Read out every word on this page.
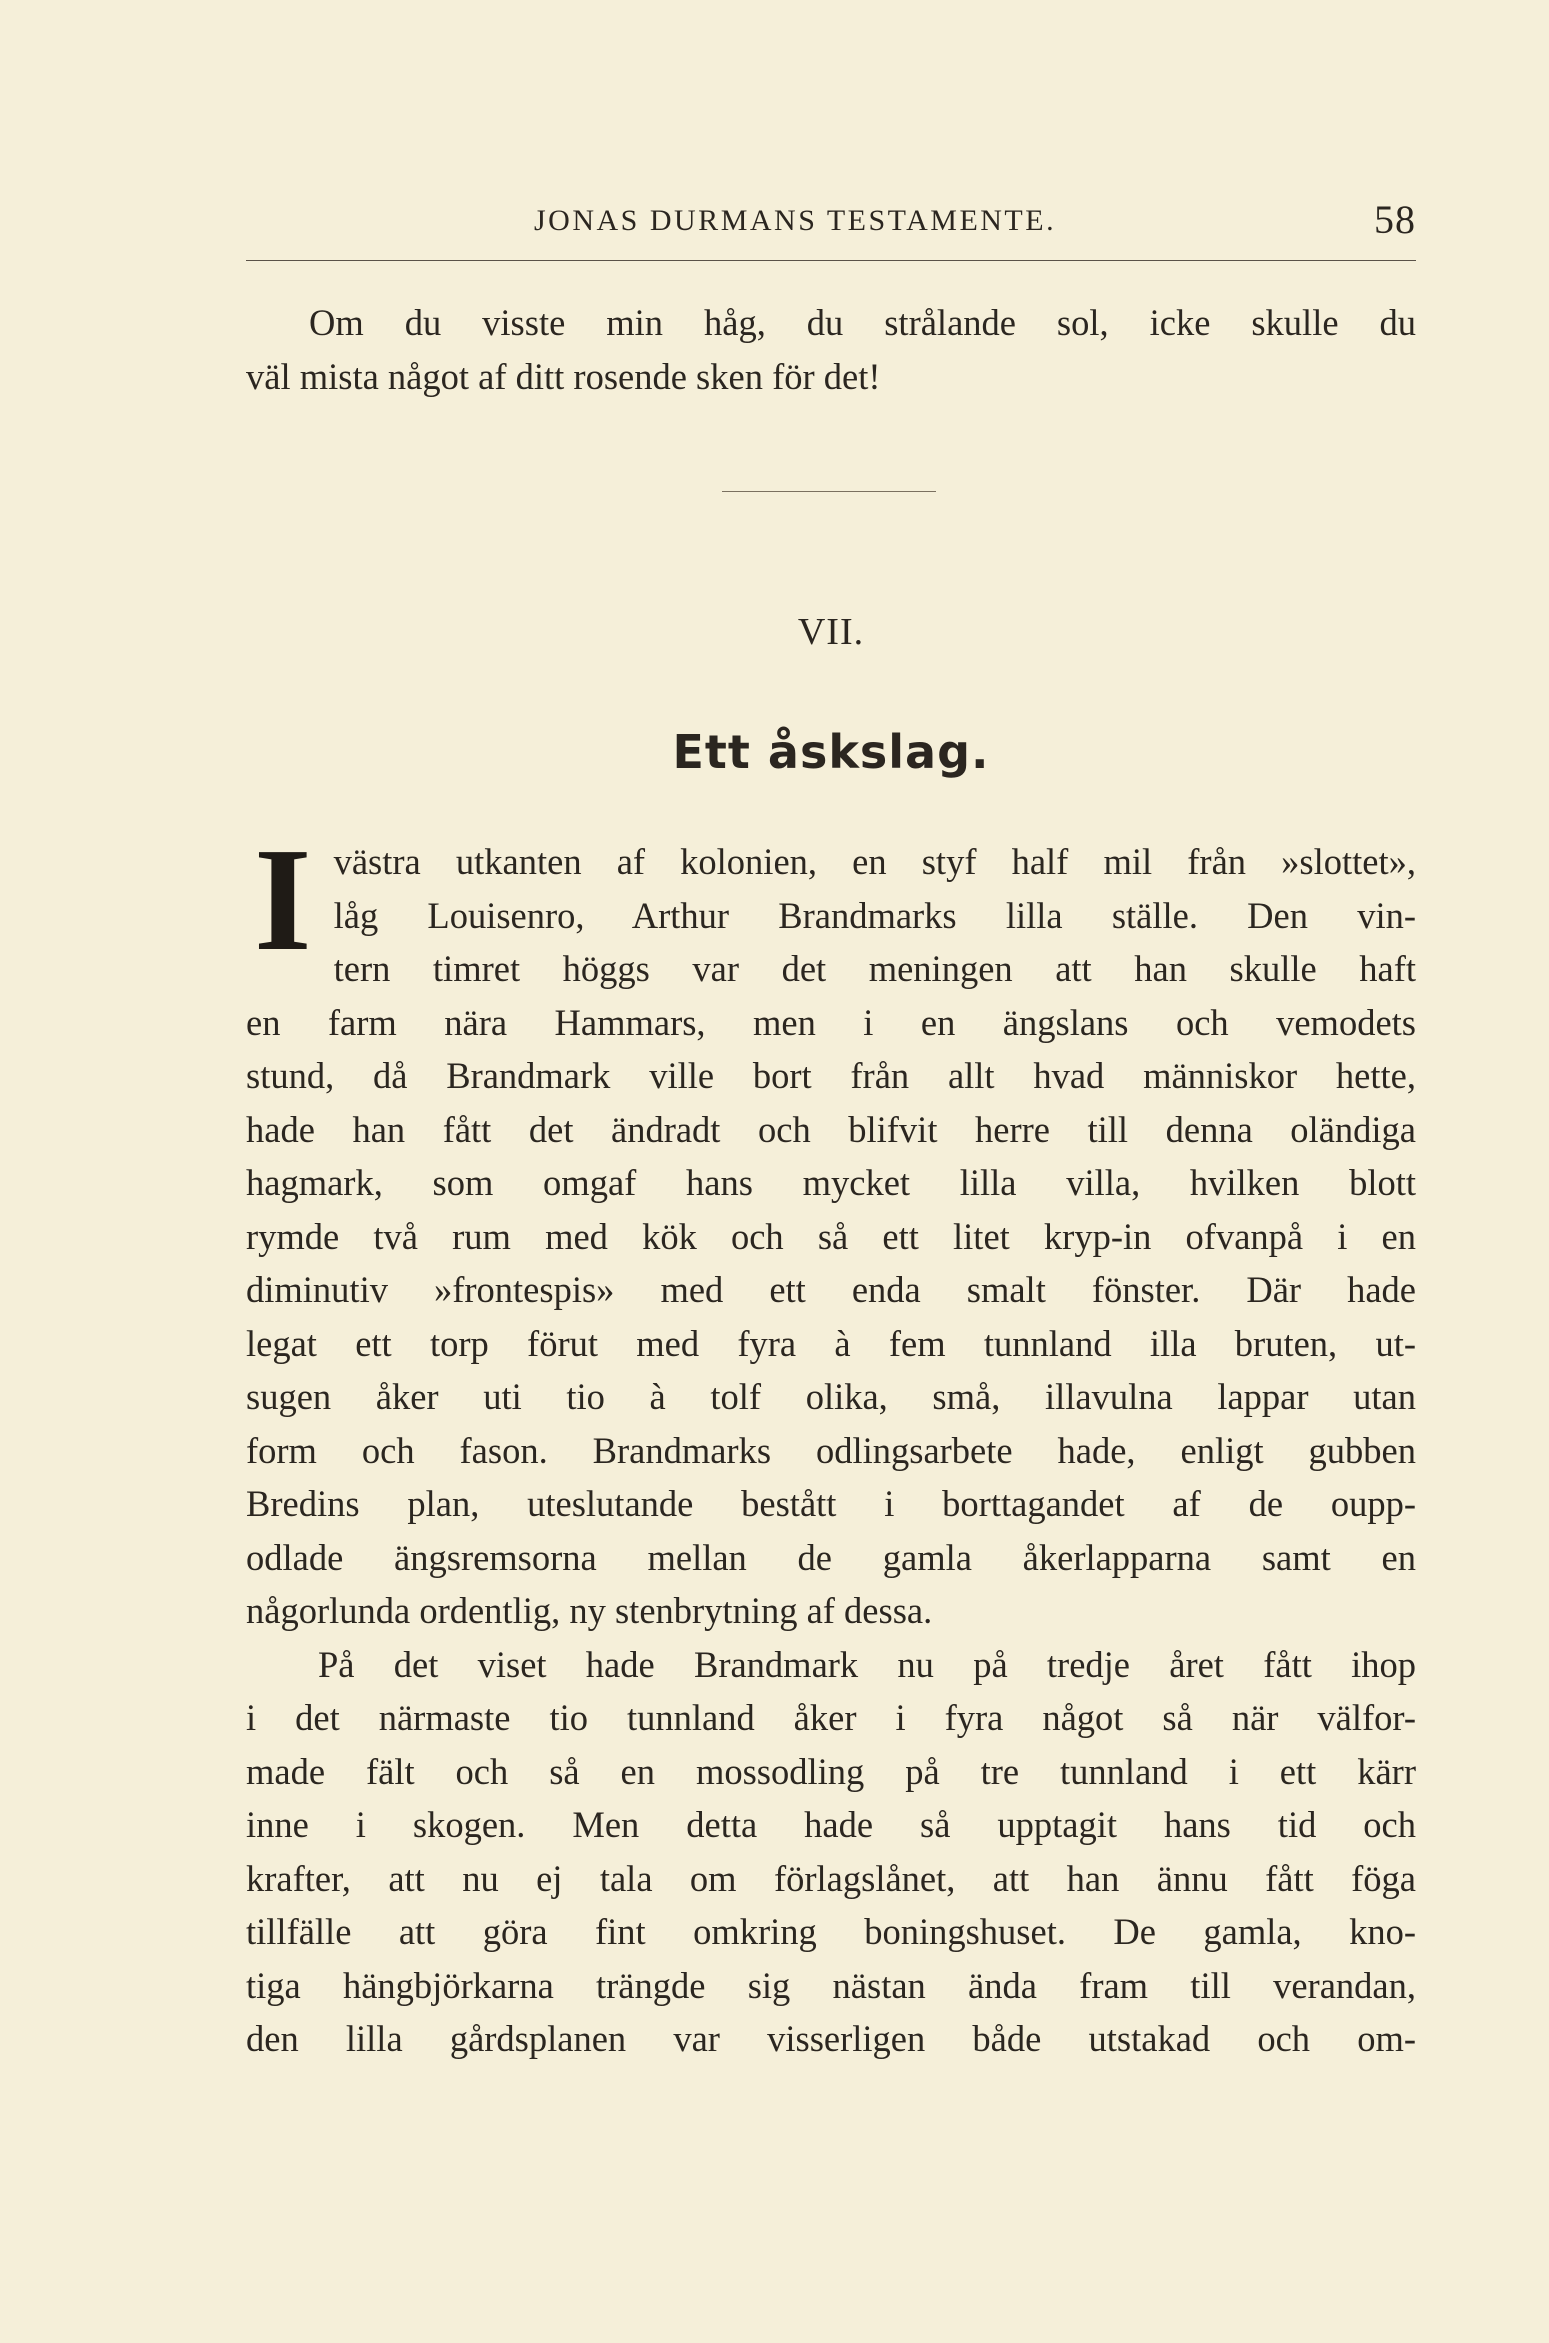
JONAS DURMANS TESTAMENTE.	58
Om du visste min håg, du strålande sol, icke skulle du
väl mista något af ditt rosende sken för det!
VII.
Ett åskslag.

I västra utkanten af kolonien, en styf half mil från »slottet»,
låg Louisenro, Arthur Brandmarks lilla ställe. Den vin-
tern timret höggs var det meningen att han skulle haft
en farm nära Hammars, men i en ängslans och vemodets
stund, då Brandmark ville bort från allt hvad människor hette,
hade han fått det ändradt och blifvit herre till denna oländiga
hagmark, som omgaf hans mycket lilla villa, hvilken blott
rymde två rum med kök och så ett litet kryp-in ofvanpå i en
diminutiv »frontespis» med ett enda smalt fönster. Där hade
legat ett torp förut med fyra à fem tunnland illa bruten, ut-
sugen åker uti tio à tolf olika, små, illavulna lappar utan
form och fason. Brandmarks odlingsarbete hade, enligt gubben
Bredins plan, uteslutande bestått i borttagandet af de oupp-
odlade ängsremsorna mellan de gamla åkerlapparna samt en
någorlunda ordentlig, ny stenbrytning af dessa.

På det viset hade Brandmark nu på tredje året fått ihop
i det närmaste tio tunnland åker i fyra något så när välfor-
made fält och så en mossodling på tre tunnland i ett kärr
inne i skogen. Men detta hade så upptagit hans tid och
krafter, att nu ej tala om förlagslånet, att han ännu fått föga
tillfälle att göra fint omkring boningshuset. De gamla, kno-
tiga hängbjörkarna trängde sig nästan ända fram till verandan,
den lilla gårdsplanen var visserligen både utstakad och om-
